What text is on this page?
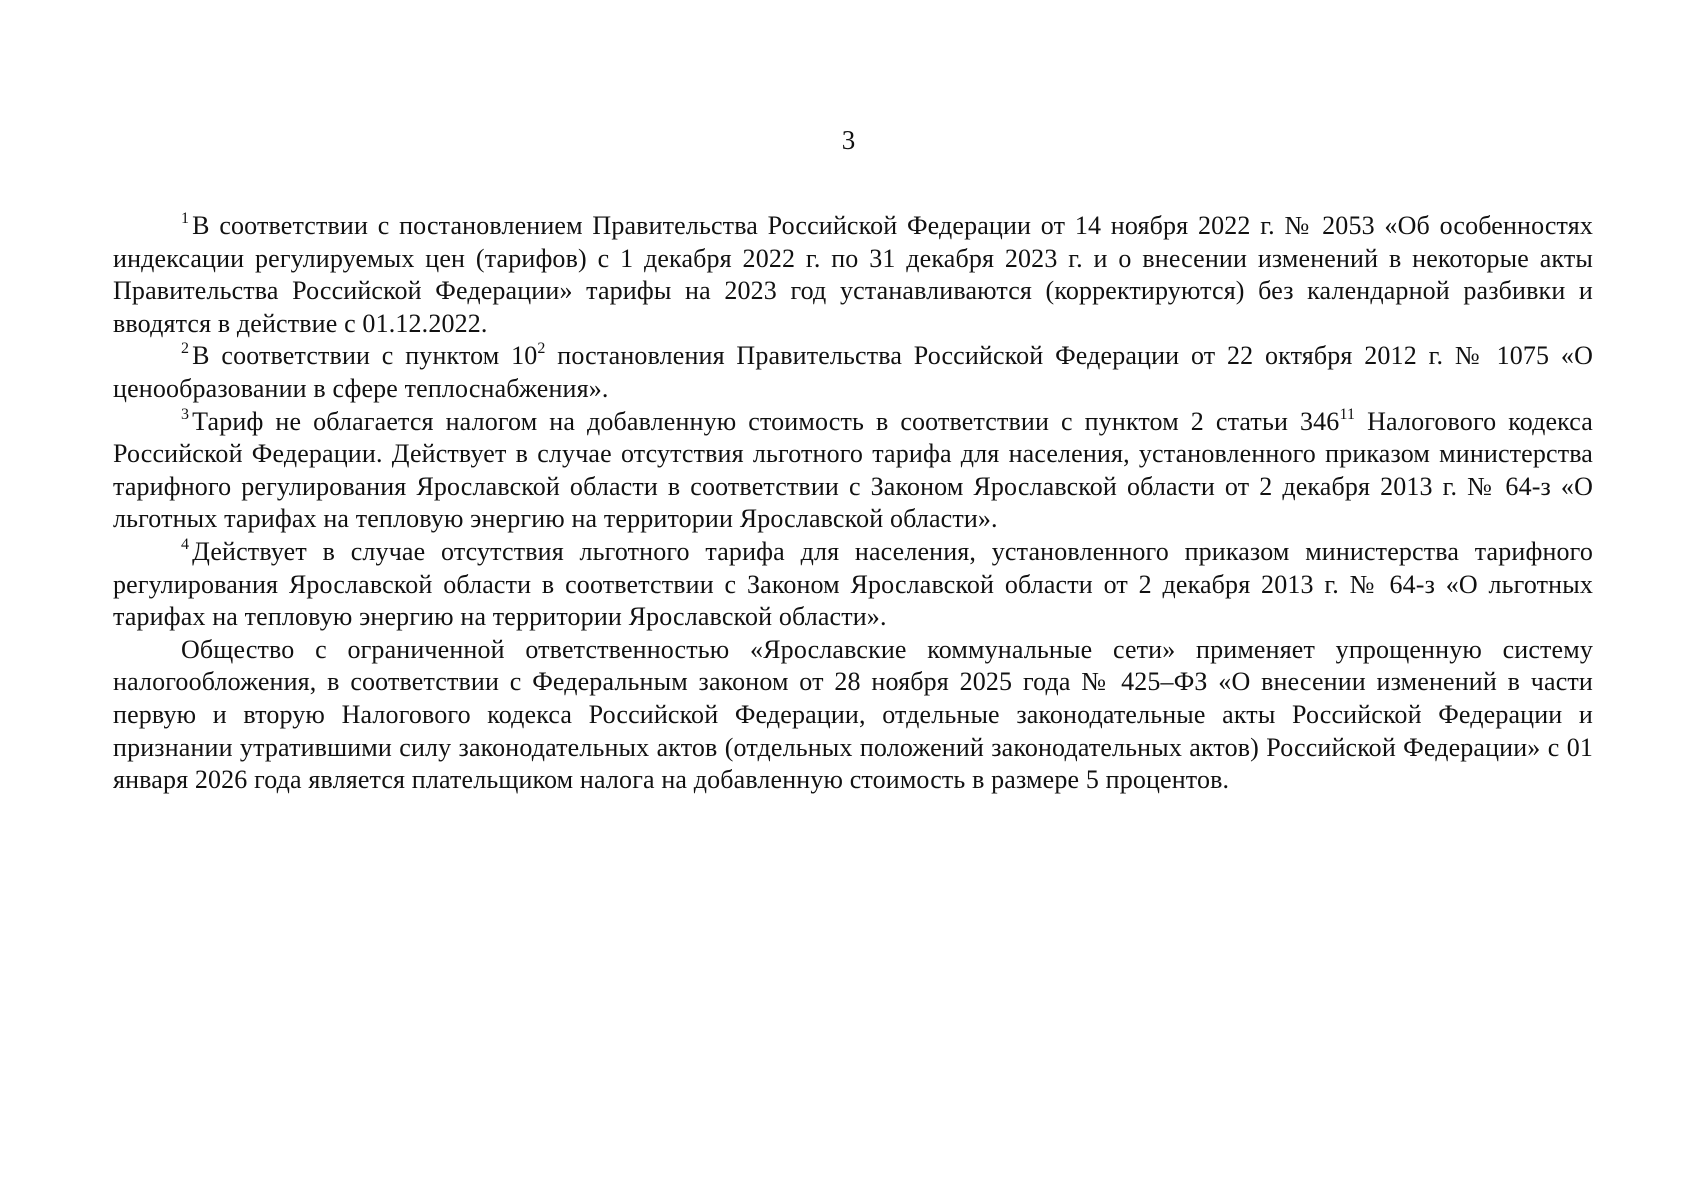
3

$^1$ В соответствии с постановлением Правительства Российской Федерации от 14 ноября 2022 г. № 2053 «Об особенностях индексации регулируемых цен (тарифов) с 1 декабря 2022 г. по 31 декабря 2023 г. и о внесении изменений в некоторые акты Правительства Российской Федерации» тарифы на 2023 год устанавливаются (корректируются) без календарной разбивки и вводятся в действие с 01.12.2022.

$^2$ В соответствии с пунктом $10^2$ постановления Правительства Российской Федерации от 22 октября 2012 г. № 1075 «О ценообразовании в сфере теплоснабжения».

$^3$ Тариф не облагается налогом на добавленную стоимость в соответствии с пунктом 2 статьи $346^{11}$ Налогового кодекса Российской Федерации. Действует в случае отсутствия льготного тарифа для населения, установленного приказом министерства тарифного регулирования Ярославской области в соответствии с Законом Ярославской области от 2 декабря 2013 г. № 64-з «О льготных тарифах на тепловую энергию на территории Ярославской области».

$^4$ Действует в случае отсутствия льготного тарифа для населения, установленного приказом министерства тарифного регулирования Ярославской области в соответствии с Законом Ярославской области от 2 декабря 2013 г. № 64-з «О льготных тарифах на тепловую энергию на территории Ярославской области».

Общество с ограниченной ответственностью «Ярославские коммунальные сети» применяет упрощенную систему налогообложения, в соответствии с Федеральным законом от 28 ноября 2025 года № 425–ФЗ «О внесении изменений в части первую и вторую Налогового кодекса Российской Федерации, отдельные законодательные акты Российской Федерации и признании утратившими силу законодательных актов (отдельных положений законодательных актов) Российской Федерации» с 01 января 2026 года является плательщиком налога на добавленную стоимость в размере 5 процентов.
